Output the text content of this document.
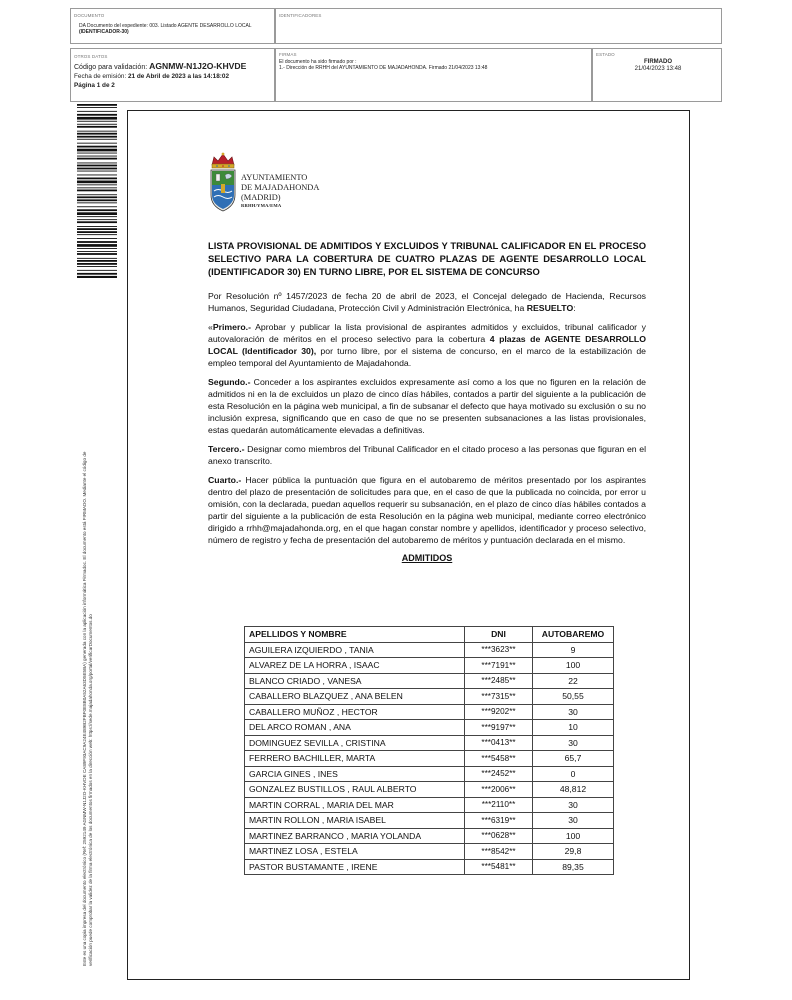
DOCUMENTO
DA Documento del expediente: 003. Listado AGENTE DESARROLLO LOCAL
(IDENTIFICADOR-30)
IDENTIFICADORES
OTROS DATOS
Código para validación: AGNMW-N1J2O-KHVDE
Fecha de emisión: 21 de Abril de 2023 a las 14:18:02
Página 1 de 2
FIRMAS
El documento ha sido firmado por :
1.- Dirección de RRHH del AYUNTAMIENTO DE MAJADAHONDA. Firmado 21/04/2023 13:48
ESTADO
FIRMADO
21/04/2023 13:48
Este es una copia impresa del documento electrónico (Ref: 2592149 AGNMW-N1J2O-KHVDE CA89F93AC9A24E489B2FBF0E8B0A52A63D5E5BA) generada con la aplicación informática Firmadoc. El documento está FIRMADO. Mediante el código de verificación puede comprobar la validez de la firma electrónica de los documentos firmados en la dirección web: https://sede.majadahonda.org/portal/verificarDocumentos.do
AYUNTAMIENTO
DE MAJADAHONDA
(MADRID)
RRHH/YMA/EMA
LISTA PROVISIONAL DE ADMITIDOS Y EXCLUIDOS Y TRIBUNAL CALIFICADOR EN EL PROCESO SELECTIVO PARA LA COBERTURA DE CUATRO PLAZAS DE AGENTE DESARROLLO LOCAL (IDENTIFICADOR 30) EN TURNO LIBRE, POR EL SISTEMA DE CONCURSO

Por Resolución nº 1457/2023 de fecha 20 de abril de 2023, el Concejal delegado de Hacienda, Recursos Humanos, Seguridad Ciudadana, Protección Civil y Administración Electrónica, ha RESUELTO:

«Primero.- Aprobar y publicar la lista provisional de aspirantes admitidos y excluidos, tribunal calificador y autovaloración de méritos en el proceso selectivo para la cobertura 4 plazas de AGENTE DESARROLLO LOCAL (Identificador 30), por turno libre, por el sistema de concurso, en el marco de la estabilización de empleo temporal del Ayuntamiento de Majadahonda.

Segundo.- Conceder a los aspirantes excluidos expresamente así como a los que no figuren en la relación de admitidos ni en la de excluidos un plazo de cinco días hábiles, contados a partir del siguiente a la publicación de esta Resolución en la página web municipal, a fin de subsanar el defecto que haya motivado su exclusión o su no inclusión expresa, significando que en caso de que no se presenten subsanaciones a las listas provisionales, estas quedarán automáticamente elevadas a definitivas.

Tercero.- Designar como miembros del Tribunal Calificador en el citado proceso a las personas que figuran en el anexo transcrito.

Cuarto.- Hacer pública la puntuación que figura en el autobaremo de méritos presentado por los aspirantes dentro del plazo de presentación de solicitudes para que, en el caso de que la publicada no coincida, por error u omisión, con la declarada, puedan aquellos requerir su subsanación, en el plazo de cinco días hábiles contados a partir del siguiente a la publicación de esta Resolución en la página web municipal, mediante correo electrónico dirigido a rrhh@majadahonda.org, en el que hagan constar nombre y apellidos, identificador y proceso selectivo, número de registro y fecha de presentación del autobaremo de méritos y puntuación declarada en el mismo.

ADMITIDOS
APELLIDOS Y NOMBRE	DNI	AUTOBAREMO
AGUILERA IZQUIERDO , TANIA	***3623**	9
ALVAREZ DE LA HORRA , ISAAC	***7191**	100
BLANCO CRIADO , VANESA	***2485**	22
CABALLERO BLAZQUEZ , ANA BELEN	***7315**	50,55
CABALLERO MUÑOZ , HECTOR	***9202**	30
DEL ARCO ROMAN , ANA	***9197**	10
DOMINGUEZ SEVILLA , CRISTINA	***0413**	30
FERRERO BACHILLER, MARTA	***5458**	65,7
GARCIA GINES , INES	***2452**	0
GONZALEZ BUSTILLOS , RAUL ALBERTO	***2006**	48,812
MARTIN CORRAL , MARIA DEL MAR	***2110**	30
MARTIN ROLLON , MARIA ISABEL	***6319**	30
MARTINEZ BARRANCO , MARIA YOLANDA	***0628**	100
MARTINEZ LOSA , ESTELA	***8542**	29,8
PASTOR BUSTAMANTE , IRENE	***5481**	89,35
